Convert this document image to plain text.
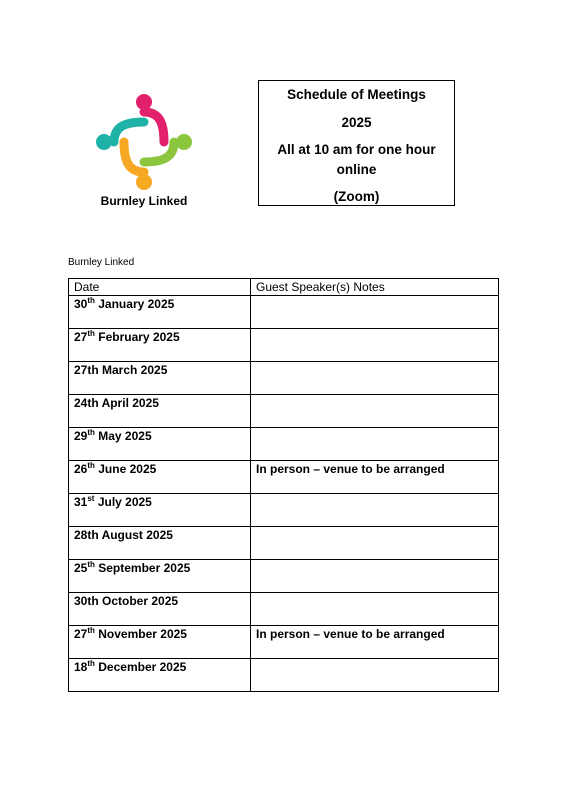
Burnley Linked
Schedule of Meetings
2025
All at 10 am for one hour
online
(Zoom)
Burnley Linked
Date	Guest Speaker(s) Notes
30th January 2025	
27th February 2025	
27th March 2025	
24th April 2025	
29th May 2025	
26th June 2025	In person – venue to be arranged
31st July 2025	
28th August 2025	
25th September 2025	
30th October 2025	
27th November 2025	In person – venue to be arranged
18th December 2025	
